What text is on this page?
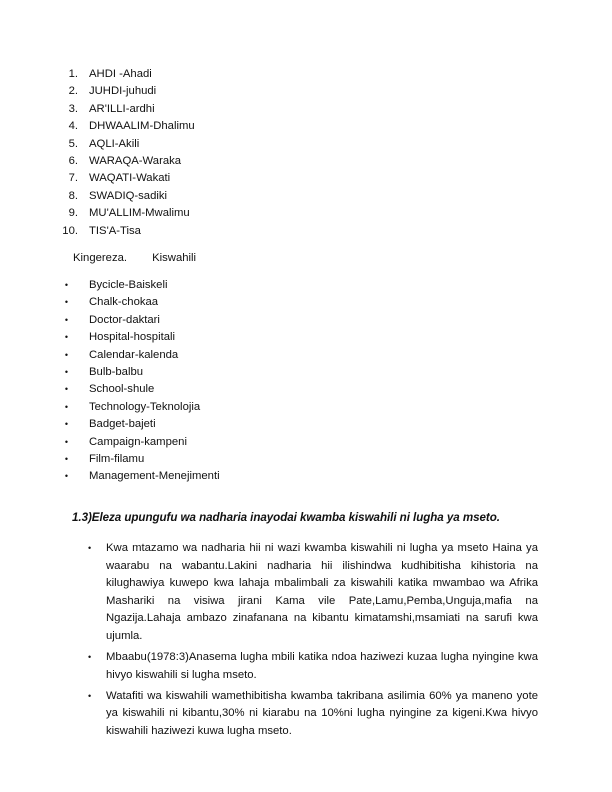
1. AHDI -Ahadi
2. JUHDI-juhudi
3. AR'ILLI-ardhi
4. DHWAALIM-Dhalimu
5. AQLI-Akili
6. WARAQA-Waraka
7. WAQATI-Wakati
8. SWADIQ-sadiki
9. MU'ALLIM-Mwalimu
10. TIS'A-Tisa
Kingereza.        Kiswahili
• Bycicle-Baiskeli
• Chalk-chokaa
• Doctor-daktari
• Hospital-hospitali
• Calendar-kalenda
• Bulb-balbu
• School-shule
• Technology-Teknolojia
• Badget-bajeti
• Campaign-kampeni
• Film-filamu
• Management-Menejimenti
1.3)Eleza upungufu wa nadharia inayodai kwamba kiswahili ni lugha ya mseto.
• Kwa mtazamo wa nadharia hii ni wazi kwamba kiswahili ni lugha ya mseto Haina ya waarabu na wabantu.Lakini nadharia hii ilishindwa kudhibitisha kihistoria na kilughawiya kuwepo kwa lahaja mbalimbali za kiswahili katika mwambao wa Afrika Mashariki na visiwa jirani Kama vile Pate,Lamu,Pemba,Unguja,mafia na Ngazija.Lahaja ambazo zinafanana na kibantu kimatamshi,msamiati na sarufi kwa ujumla.
• Mbaabu(1978:3)Anasema lugha mbili katika ndoa haziwezi kuzaa lugha nyingine kwa hivyo kiswahili si lugha mseto.
• Watafiti wa kiswahili wamethibitisha kwamba takribana asilimia 60% ya maneno yote ya kiswahili ni kibantu,30% ni kiarabu na 10%ni lugha nyingine za kigeni.Kwa hivyo kiswahili haziwezi kuwa lugha mseto.
